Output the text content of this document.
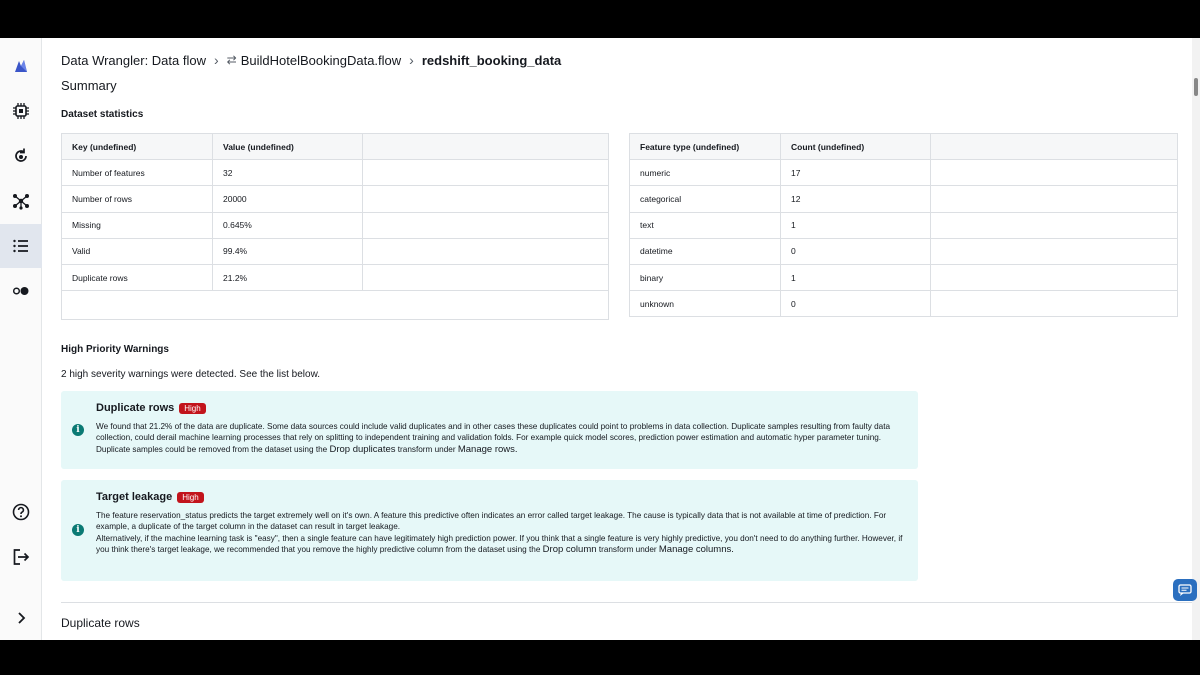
Data Wrangler: Data flow › ⇄ BuildHotelBookingData.flow › redshift_booking_data
Summary
Dataset statistics
Key (undefined)	Value (undefined)	
Number of features	32	
Number of rows	20000	
Missing	0.645%	
Valid	99.4%	
Duplicate rows	21.2%	

Feature type (undefined)	Count (undefined)	
numeric	17	
categorical	12	
text	1	
datetime	0	
binary	1	
unknown	0	
High Priority Warnings
2 high severity warnings were detected. See the list below.
i
Duplicate rows	High
We found that 21.2% of the data are duplicate. Some data sources could include valid duplicates and in other cases these duplicates could point to problems in data collection. Duplicate samples resulting from faulty data collection, could derail machine learning processes that rely on splitting to independent training and validation folds. For example quick model scores, prediction power estimation and automatic hyper parameter tuning. Duplicate samples could be removed from the dataset using the Drop duplicates transform under Manage rows.
i
Target leakage	High
The feature reservation_status predicts the target extremely well on it's own. A feature this predictive often indicates an error called target leakage. The cause is typically data that is not available at time of prediction. For example, a duplicate of the target column in the dataset can result in target leakage.
Alternatively, if the machine learning task is "easy", then a single feature can have legitimately high prediction power. If you think that a single feature is very highly predictive, you don't need to do anything further. However, if you think there's target leakage, we recommended that you remove the highly predictive column from the dataset using the Drop column transform under Manage columns.
Duplicate rows
